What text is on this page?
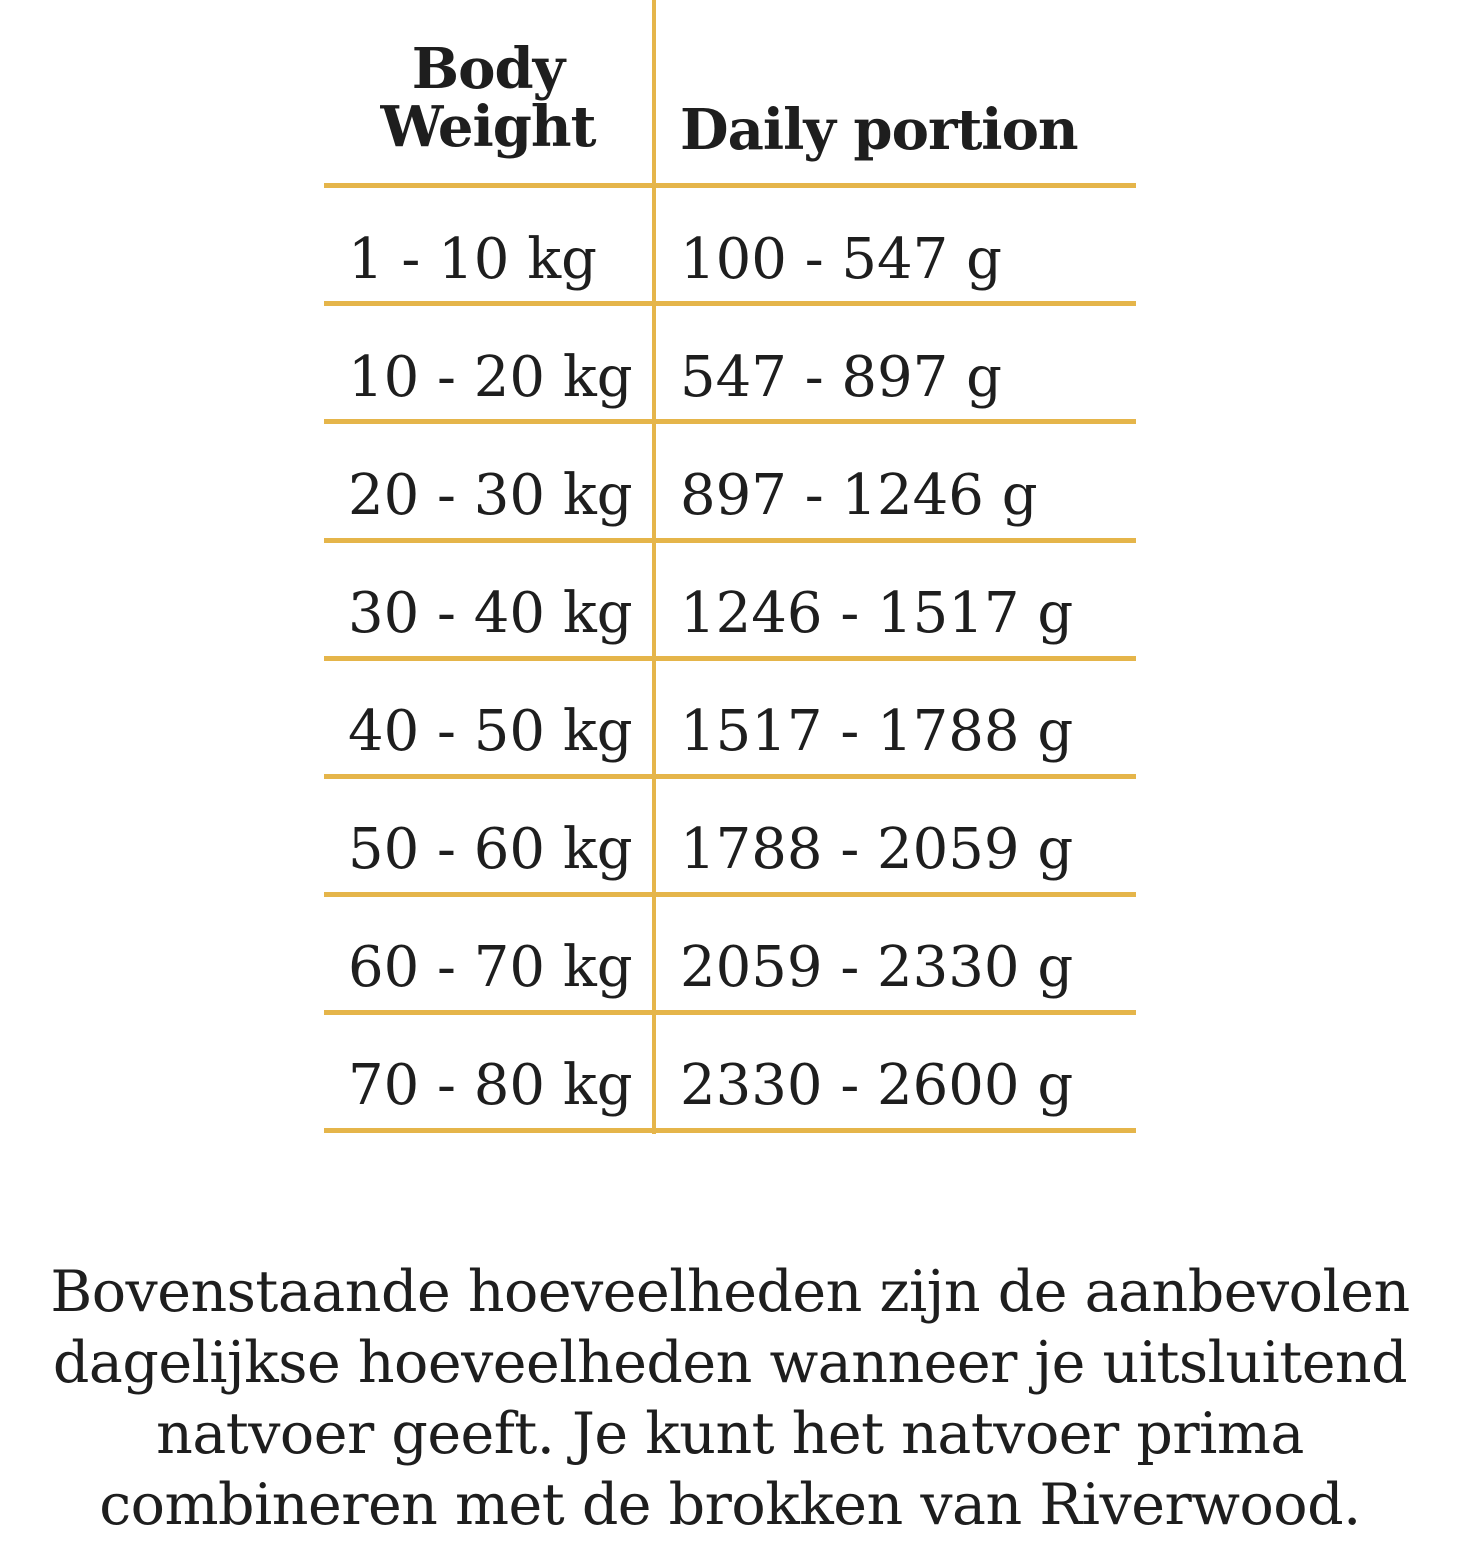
Body
Weight	Daily portion
1 - 10 kg 100 - 547 g
10 - 20 kg 547 - 897 g
20 - 30 kg 897 - 1246 g
30 - 40 kg 1246 - 1517 g
40 - 50 kg 1517 - 1788 g
50 - 60 kg 1788 - 2059 g
60 - 70 kg 2059 - 2330 g
70 - 80 kg 2330 - 2600 g

Bovenstaande hoeveelheden zijn de aanbevolen dagelijkse hoeveelheden wanneer je uitsluitend natvoer geeft. Je kunt het natvoer prima combineren met de brokken van Riverwood.
